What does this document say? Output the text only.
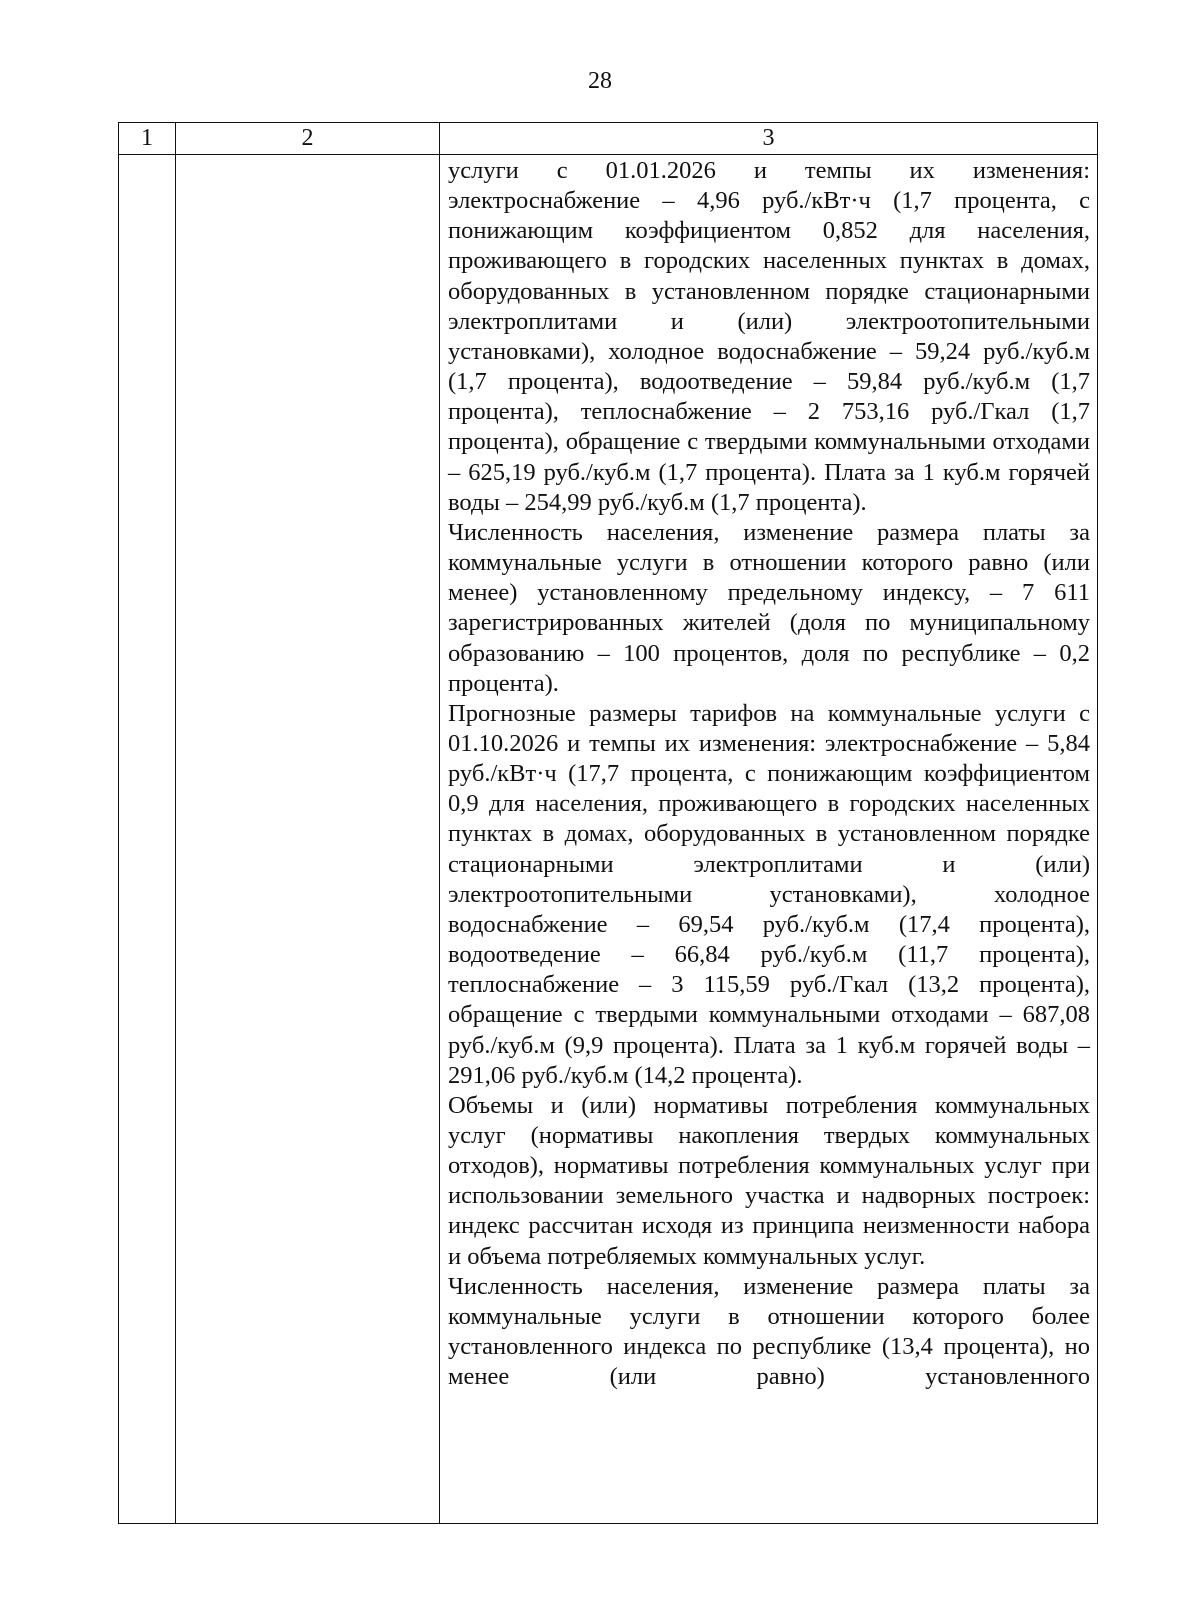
28
1	2	3

		услуги с 01.01.2026 и темпы их изменения: электроснабжение – 4,96 руб./кВт·ч (1,7 процента, с понижающим коэффициентом 0,852 для населения, проживающего в городских населенных пунктах в домах, оборудованных в установленном порядке стационарными электроплитами и (или) электроотопительными установками), холодное водоснабжение – 59,24 руб./куб.м (1,7 процента), водоотведение – 59,84 руб./куб.м (1,7 процента), теплоснабжение – 2 753,16 руб./Гкал (1,7 процента), обращение с твердыми коммунальными отходами – 625,19 руб./куб.м (1,7 процента). Плата за 1 куб.м горячей воды – 254,99 руб./куб.м (1,7 процента).

Численность населения, изменение размера платы за коммунальные услуги в отношении которого равно (или менее) установленному предельному индексу, – 7 611 зарегистрированных жителей (доля по муниципальному образованию – 100 процентов, доля по республике – 0,2 процента).

Прогнозные размеры тарифов на коммунальные услуги с 01.10.2026 и темпы их изменения: электроснабжение – 5,84 руб./кВт·ч (17,7 процента, с понижающим коэффициентом 0,9 для населения, проживающего в городских населенных пунктах в домах, оборудованных в установленном порядке стационарными электроплитами и (или) электроотопительными установками), холодное водоснабжение – 69,54 руб./куб.м (17,4 процента), водоотведение – 66,84 руб./куб.м (11,7 процента), теплоснабжение – 3 115,59 руб./Гкал (13,2 процента), обращение с твердыми коммунальными отходами – 687,08 руб./куб.м (9,9 процента). Плата за 1 куб.м горячей воды – 291,06 руб./куб.м (14,2 процента).

Объемы и (или) нормативы потребления коммунальных услуг (нормативы накопления твердых коммунальных отходов), нормативы потребления коммунальных услуг при использовании земельного участка и надворных построек: индекс рассчитан исходя из принципа неизменности набора и объема потребляемых коммунальных услуг.

Численность населения, изменение размера платы за коммунальные услуги в отношении которого более установленного индекса по республике (13,4 процента), но менее (или равно) установленного
